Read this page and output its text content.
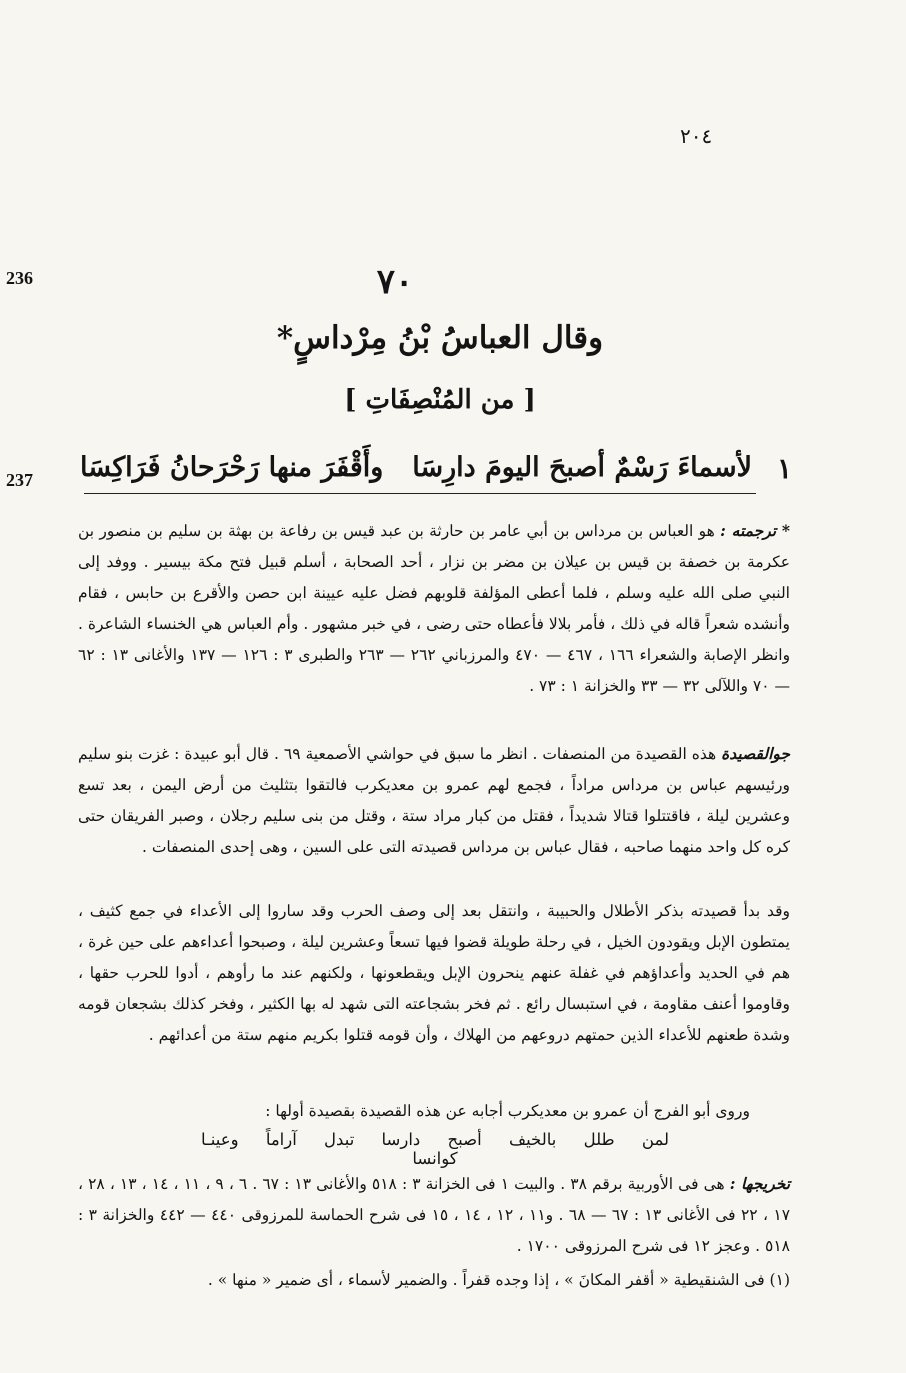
٢٠٤
236
237
٧٠
وقال العباسُ بْنُ مِرْداسٍ*
[ من المُنْصِفَاتِ ]
١
لأسماءَ رَسْمٌ أصبحَ اليومَ دارِسَا
وأَقْفَرَ منها رَحْرَحانُ فَرَاكِسَا

* ترجمته : هو العباس بن مرداس بن أبي عامر بن حارثة بن عبد قيس بن رفاعة بن بهثة بن سليم بن منصور بن عكرمة بن خصفة بن قيس بن عيلان بن مضر بن نزار ، أحد الصحابة ، أسلم قبيل فتح مكة بيسير . ووفد إلى النبي صلى الله عليه وسلم ، فلما أعطى المؤلفة قلوبهم فضل عليه عيينة ابن حصن والأقرع بن حابس ، فقام وأنشده شعراً قاله في ذلك ، فأمر بلالا فأعطاه حتى رضى ، في خبر مشهور . وأم العباس هي الخنساء الشاعرة . وانظر الإصابة والشعراء ١٦٦ ، ٤٦٧ — ٤٧٠ والمرزباني ٢٦٢ — ٢٦٣ والطبرى ٣ : ١٢٦ — ١٣٧ والأغانى ١٣ : ٦٢ — ٧٠ واللآلى ٣٢ — ٣٣ والخزانة ١ : ٧٣ .

جوالقصيدة هذه القصيدة من المنصفات . انظر ما سبق في حواشي الأصمعية ٦٩ . قال أبو عبيدة : غزت بنو سليم ورئيسهم عباس بن مرداس مراداً ، فجمع لهم عمرو بن معديكرب فالتقوا بتثليث من أرض اليمن ، بعد تسع وعشرين ليلة ، فاقتتلوا قتالا شديداً ، فقتل من كبار مراد ستة ، وقتل من بنى سليم رجلان ، وصبر الفريقان حتى كره كل واحد منهما صاحبه ، فقال عباس بن مرداس قصيدته التى على السين ، وهى إحدى المنصفات .

وقد بدأ قصيدته بذكر الأطلال والحبيبة ، وانتقل بعد إلى وصف الحرب وقد ساروا إلى الأعداء في جمع كثيف ، يمتطون الإبل ويقودون الخيل ، في رحلة طويلة قضوا فيها تسعاً وعشرين ليلة ، وصبحوا أعداءهم على حين غرة ، هم في الحديد وأعداؤهم في غفلة عنهم ينحرون الإبل ويقطعونها ، ولكنهم عند ما رأوهم ، أدوا للحرب حقها ، وقاوموا أعنف مقاومة ، في استبسال رائع . ثم فخر بشجاعته التى شهد له بها الكثير ، وفخر كذلك بشجعان قومه وشدة طعنهم للأعداء الذين حمتهم دروعهم من الهلاك ، وأن قومه قتلوا بكريم منهم ستة من أعدائهم .

وروى أبو الفرج أن عمرو بن معديكرب أجابه عن هذه القصيدة بقصيدة أولها :

لمن طلل بالخيف أصبح دارسا تبدل آراماً وعينـا كوانسا

تخريجها : هى فى الأوربية برقم ٣٨ . والبيت ١ فى الخزانة ٣ : ٥١٨ والأغانى ١٣ : ٦٧ . ٦ ، ٩ ، ١١ ، ١٤ ، ١٣ ، ٢٨ ، ١٧ ، ٢٢ فى الأغانى ١٣ : ٦٧ — ٦٨ . و١١ ، ١٢ ، ١٤ ، ١٥ فى شرح الحماسة للمرزوقى ٤٤٠ — ٤٤٢ والخزانة ٣ : ٥١٨ . وعجز ١٢ فى شرح المرزوقى ١٧٠٠ .

(١) فى الشنقيطية « أقفر المكانَ » ، إذا وجده قفراً . والضمير لأسماء ، أى ضمير « منها » .
